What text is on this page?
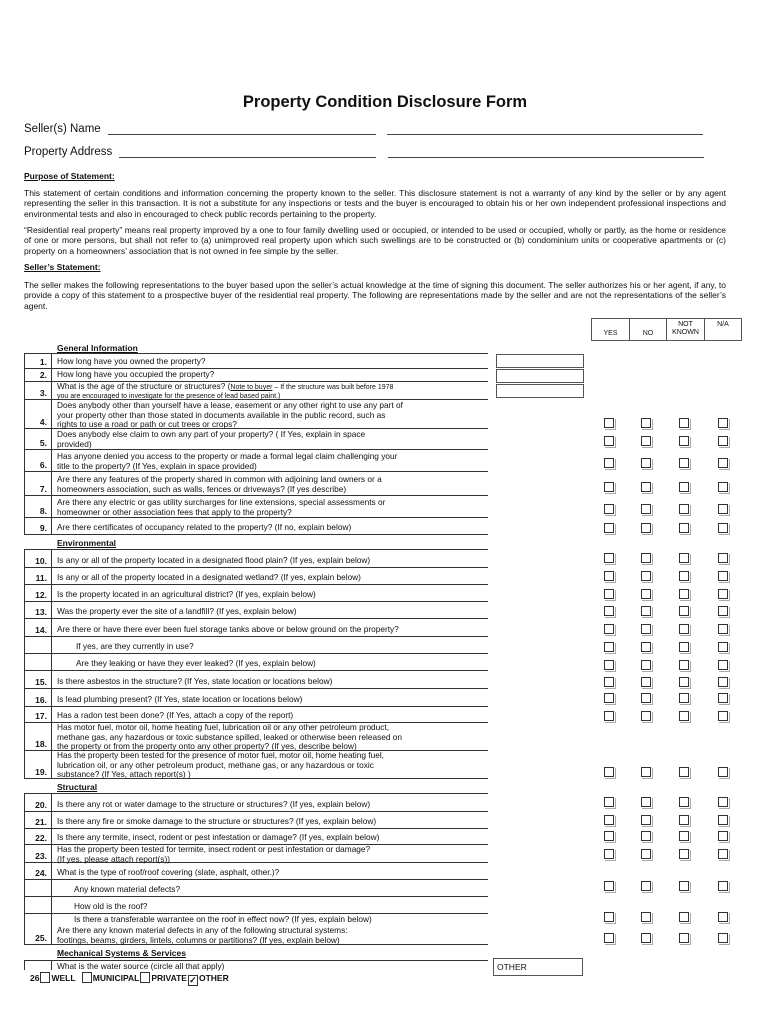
Property Condition Disclosure Form
Seller(s) Name
Property Address
Purpose of Statement:
This statement of certain conditions and information concerning the property known to the seller. This disclosure statement is not a warranty of any kind by the seller or by any agent representing the seller in this transaction. It is not a substitute for any inspections or tests and the buyer is encouraged to obtain his or her own independent professional inspections and environmental tests and also in encouraged to check public records pertaining to the property.
“Residential real property” means real property improved by a one to four family dwelling used or occupied, or intended to be used or occupied, wholly or partly, as the home or residence of one or more persons, but shall not refer to (a) unimproved real property upon which such swellings are to be constructed or (b) condominium units or cooperative apartments or (c) property on a homeowners’ association that is not owned in fee simple by the seller.
Seller’s Statement:
The seller makes the following representations to the buyer based upon the seller’s actual knowledge at the time of signing this document. The seller authorizes his or her agent, if any, to provide a copy of this statement to a prospective buyer of the residential real property. The following are representations made by the seller and are not the representations of the seller’s agent.
YES	NO
NOT
KNOWN
N/A
General Information
1.	How long have you owned the property?
2.	How long have you occupied the property?
3.
What is the age of the structure or structures? (Note to buyer – If the structure was built before 1978
you are encouraged to investigate for the presence of lead based paint.)
4.
Does anybody other than yourself have a lease, easement or any other right to use any part of
your property other than those stated in documents available in the public record, such as
rights to use a road or path or cut trees or crops?
5.
Does anybody else claim to own any part of your property? ( If Yes, explain in space
provided)
6.
Has anyone denied you access to the property or made a formal legal claim challenging your
title to the property? (If Yes, explain in space provided)
7.
Are there any features of the property shared in common with adjoining land owners or a
homeowners association, such as walls, fences or driveways? (If yes describe)
8.
Are there any electric or gas utility surcharges for line extensions, special assessments or
homeowner or other association fees that apply to the property?
9.	Are there certificates of occupancy related to the property? (If no, explain below)
Environmental
10.	Is any or all of the property located in a designated flood plain? (If yes, explain below)
11.	Is any or all of the property located in a designated wetland? (If yes, explain below)
12.	Is the property located in an agricultural district? (If yes, explain below)
13.	Was the property ever the site of a landfill? (If yes, explain below)
14.	Are there or have there ever been fuel storage tanks above or below ground on the property?
If yes, are they currently in use?
Are they leaking or have they ever leaked? (If yes, explain below)
15.	Is there asbestos in the structure? (If Yes, state location or locations below)
16.	Is lead plumbing present? (If Yes, state location or locations below)
17.	Has a radon test been done? (If Yes, attach a copy of the report)
18.
Has motor fuel, motor oil, home heating fuel, lubrication oil or any other petroleum product,
methane gas, any hazardous or toxic substance spilled, leaked or otherwise been released on
the property or from the property onto any other property? (If yes, describe below)
19.
Has the property been tested for the presence of motor fuel, motor oil, home heating fuel,
lubrication oil, or any other petroleum product, methane gas, or any hazardous or toxic
substance? (If Yes, attach report(s) )
Structural
20.	Is there any rot or water damage to the structure or structures? (If yes, explain below)
21.	Is there any fire or smoke damage to the structure or structures? (If yes, explain below)
22.	Is there any termite, insect, rodent or pest infestation or damage? (If yes, explain below)
23.
Has the property been tested for termite, insect rodent or pest infestation or damage?
(If yes, please attach report(s))
24.	What is the type of roof/roof covering (slate, asphalt, other.)?
Any known material defects?
How old is the roof?
Is there a transferable warrantee on the roof in effect now? (If yes, explain below)
25.
Are there any known material defects in any of the following structural systems:
footings, beams, girders, lintels, columns or partitions? (If yes, explain below)
Mechanical Systems & Services
What is the water source (circle all that apply)
26 WELL MUNICIPAL PRIVATE ✓ OTHER
OTHER
